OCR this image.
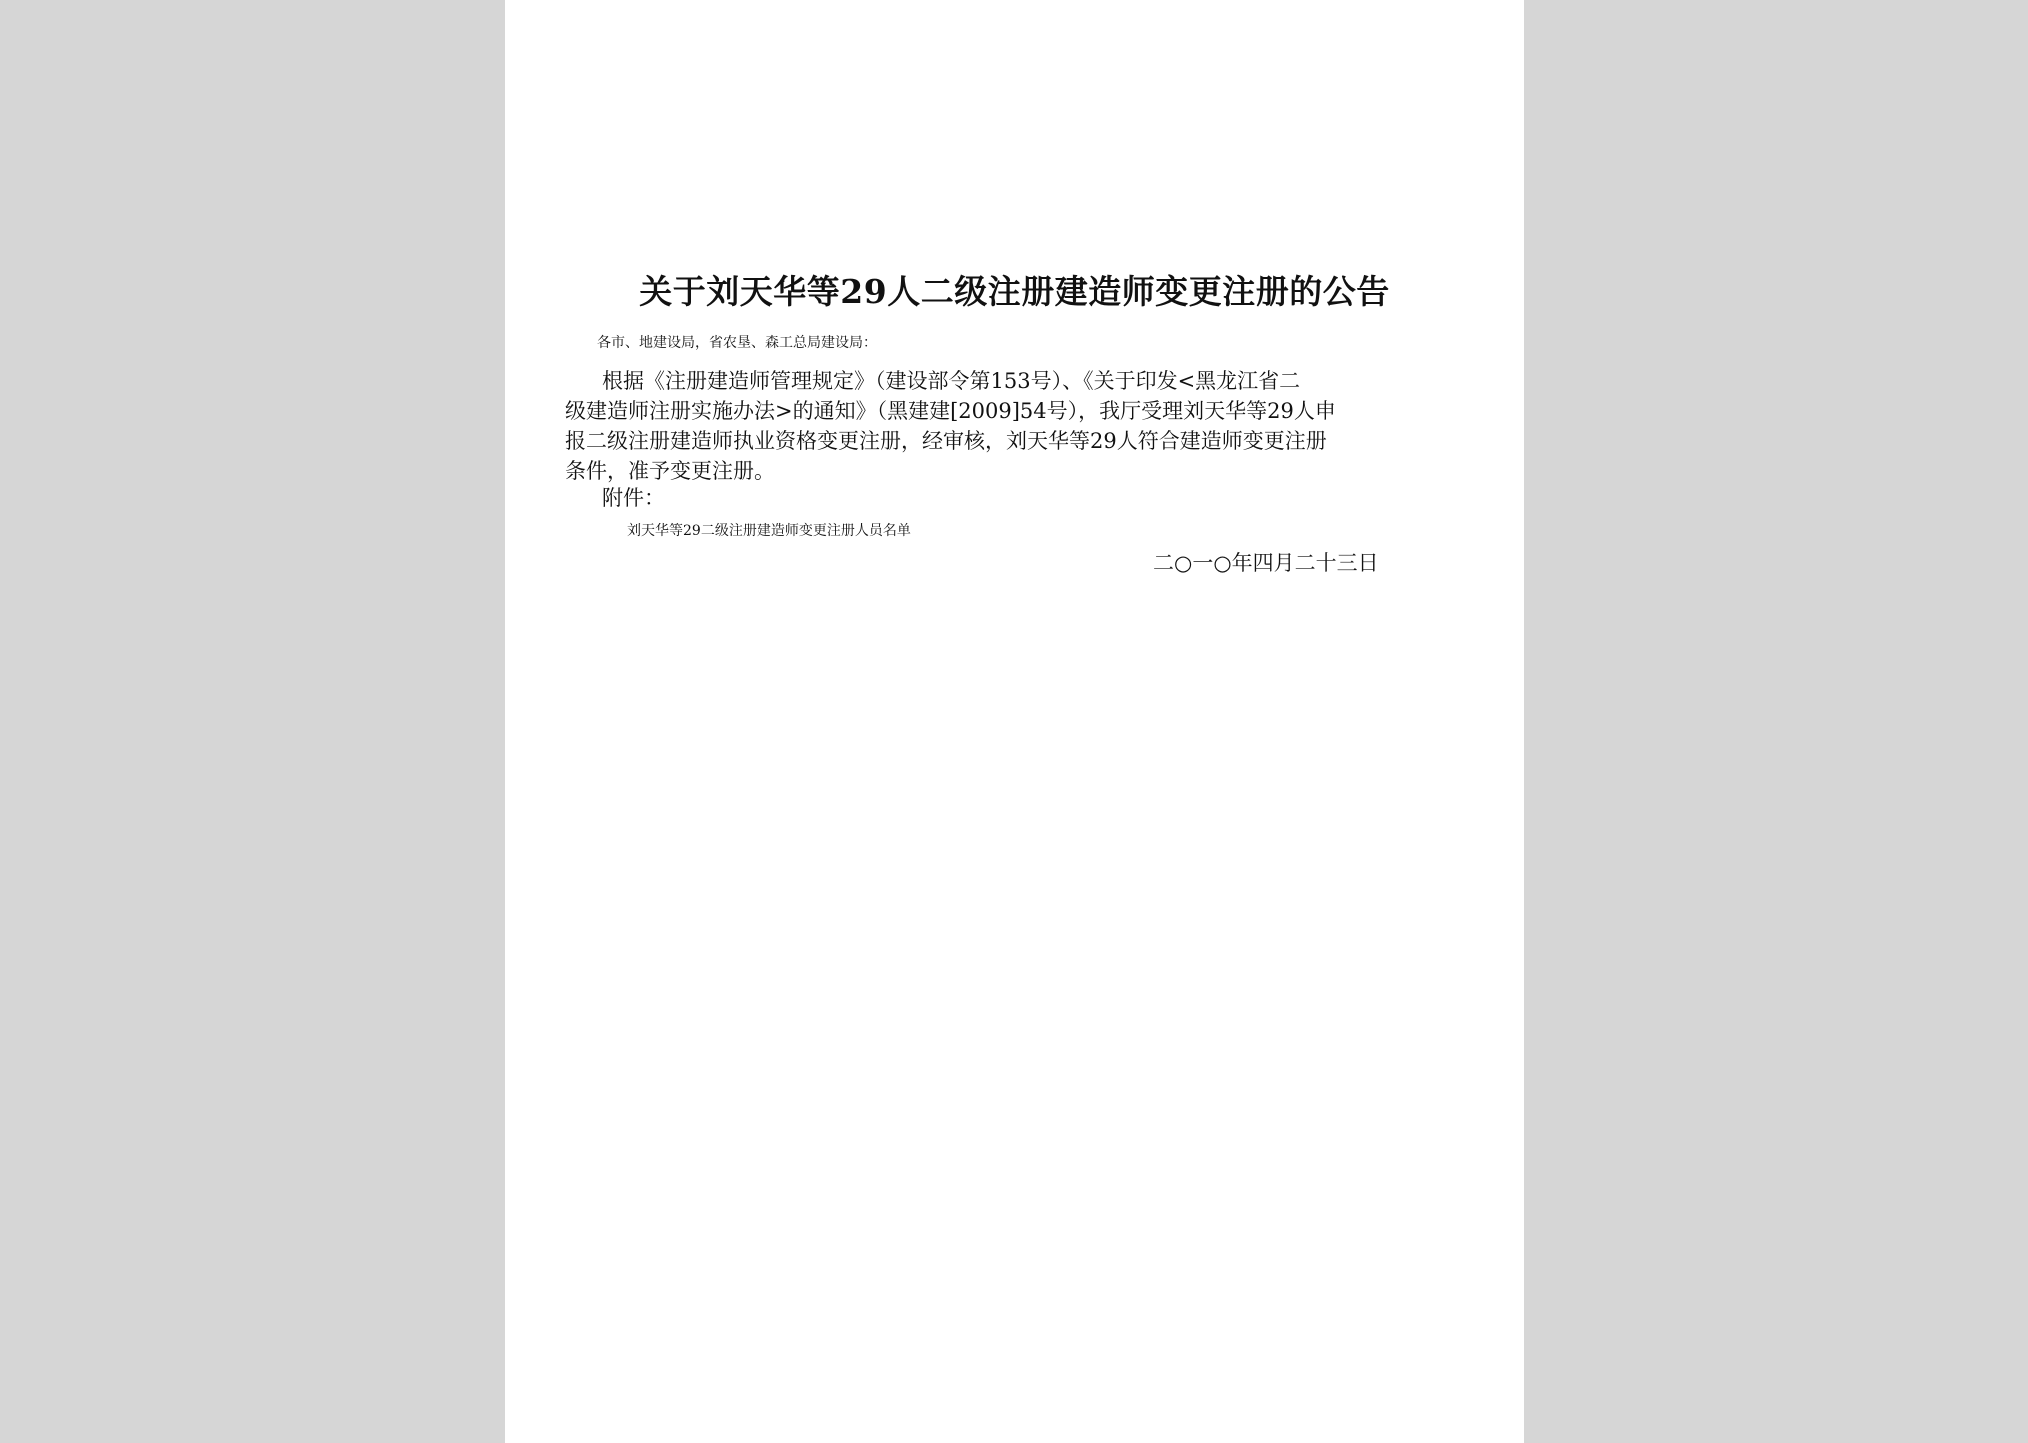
关于刘天华等29人二级注册建造师变更注册的公告
各市、地建设局，省农垦、森工总局建设局：
根据《注册建造师管理规定》（建设部令第153号）、《关于印发<黑龙江省二
级建造师注册实施办法>的通知》（黑建建[2009]54号），我厅受理刘天华等29人申
报二级注册建造师执业资格变更注册，经审核，刘天华等29人符合建造师变更注册
条件，准予变更注册。
附件：
刘天华等29二级注册建造师变更注册人员名单
二○一○年四月二十三日
